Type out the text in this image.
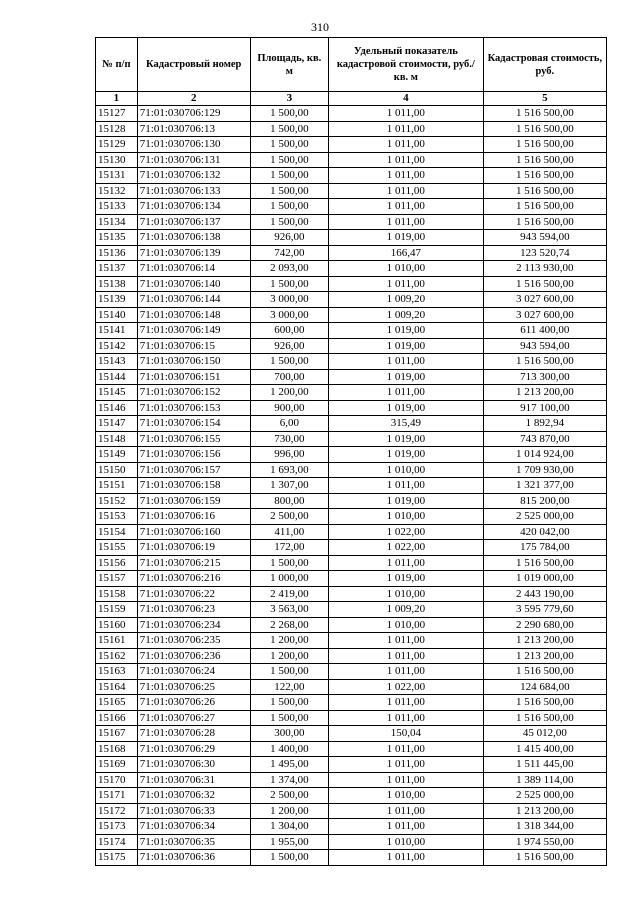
310
№ п/п	Кадастровый номер	Площадь, кв. м	Удельный показатель кадастровой стоимости, руб./кв. м	Кадастровая стоимость, руб.
1	2	3	4	5
15127	71:01:030706:129	1 500,00	1 011,00	1 516 500,00
15128	71:01:030706:13	1 500,00	1 011,00	1 516 500,00
15129	71:01:030706:130	1 500,00	1 011,00	1 516 500,00
15130	71:01:030706:131	1 500,00	1 011,00	1 516 500,00
15131	71:01:030706:132	1 500,00	1 011,00	1 516 500,00
15132	71:01:030706:133	1 500,00	1 011,00	1 516 500,00
15133	71:01:030706:134	1 500,00	1 011,00	1 516 500,00
15134	71:01:030706:137	1 500,00	1 011,00	1 516 500,00
15135	71:01:030706:138	926,00	1 019,00	943 594,00
15136	71:01:030706:139	742,00	166,47	123 520,74
15137	71:01:030706:14	2 093,00	1 010,00	2 113 930,00
15138	71:01:030706:140	1 500,00	1 011,00	1 516 500,00
15139	71:01:030706:144	3 000,00	1 009,20	3 027 600,00
15140	71:01:030706:148	3 000,00	1 009,20	3 027 600,00
15141	71:01:030706:149	600,00	1 019,00	611 400,00
15142	71:01:030706:15	926,00	1 019,00	943 594,00
15143	71:01:030706:150	1 500,00	1 011,00	1 516 500,00
15144	71:01:030706:151	700,00	1 019,00	713 300,00
15145	71:01:030706:152	1 200,00	1 011,00	1 213 200,00
15146	71:01:030706:153	900,00	1 019,00	917 100,00
15147	71:01:030706:154	6,00	315,49	1 892,94
15148	71:01:030706:155	730,00	1 019,00	743 870,00
15149	71:01:030706:156	996,00	1 019,00	1 014 924,00
15150	71:01:030706:157	1 693,00	1 010,00	1 709 930,00
15151	71:01:030706:158	1 307,00	1 011,00	1 321 377,00
15152	71:01:030706:159	800,00	1 019,00	815 200,00
15153	71:01:030706:16	2 500,00	1 010,00	2 525 000,00
15154	71:01:030706:160	411,00	1 022,00	420 042,00
15155	71:01:030706:19	172,00	1 022,00	175 784,00
15156	71:01:030706:215	1 500,00	1 011,00	1 516 500,00
15157	71:01:030706:216	1 000,00	1 019,00	1 019 000,00
15158	71:01:030706:22	2 419,00	1 010,00	2 443 190,00
15159	71:01:030706:23	3 563,00	1 009,20	3 595 779,60
15160	71:01:030706:234	2 268,00	1 010,00	2 290 680,00
15161	71:01:030706:235	1 200,00	1 011,00	1 213 200,00
15162	71:01:030706:236	1 200,00	1 011,00	1 213 200,00
15163	71:01:030706:24	1 500,00	1 011,00	1 516 500,00
15164	71:01:030706:25	122,00	1 022,00	124 684,00
15165	71:01:030706:26	1 500,00	1 011,00	1 516 500,00
15166	71:01:030706:27	1 500,00	1 011,00	1 516 500,00
15167	71:01:030706:28	300,00	150,04	45 012,00
15168	71:01:030706:29	1 400,00	1 011,00	1 415 400,00
15169	71:01:030706:30	1 495,00	1 011,00	1 511 445,00
15170	71:01:030706:31	1 374,00	1 011,00	1 389 114,00
15171	71:01:030706:32	2 500,00	1 010,00	2 525 000,00
15172	71:01:030706:33	1 200,00	1 011,00	1 213 200,00
15173	71:01:030706:34	1 304,00	1 011,00	1 318 344,00
15174	71:01:030706:35	1 955,00	1 010,00	1 974 550,00
15175	71:01:030706:36	1 500,00	1 011,00	1 516 500,00
